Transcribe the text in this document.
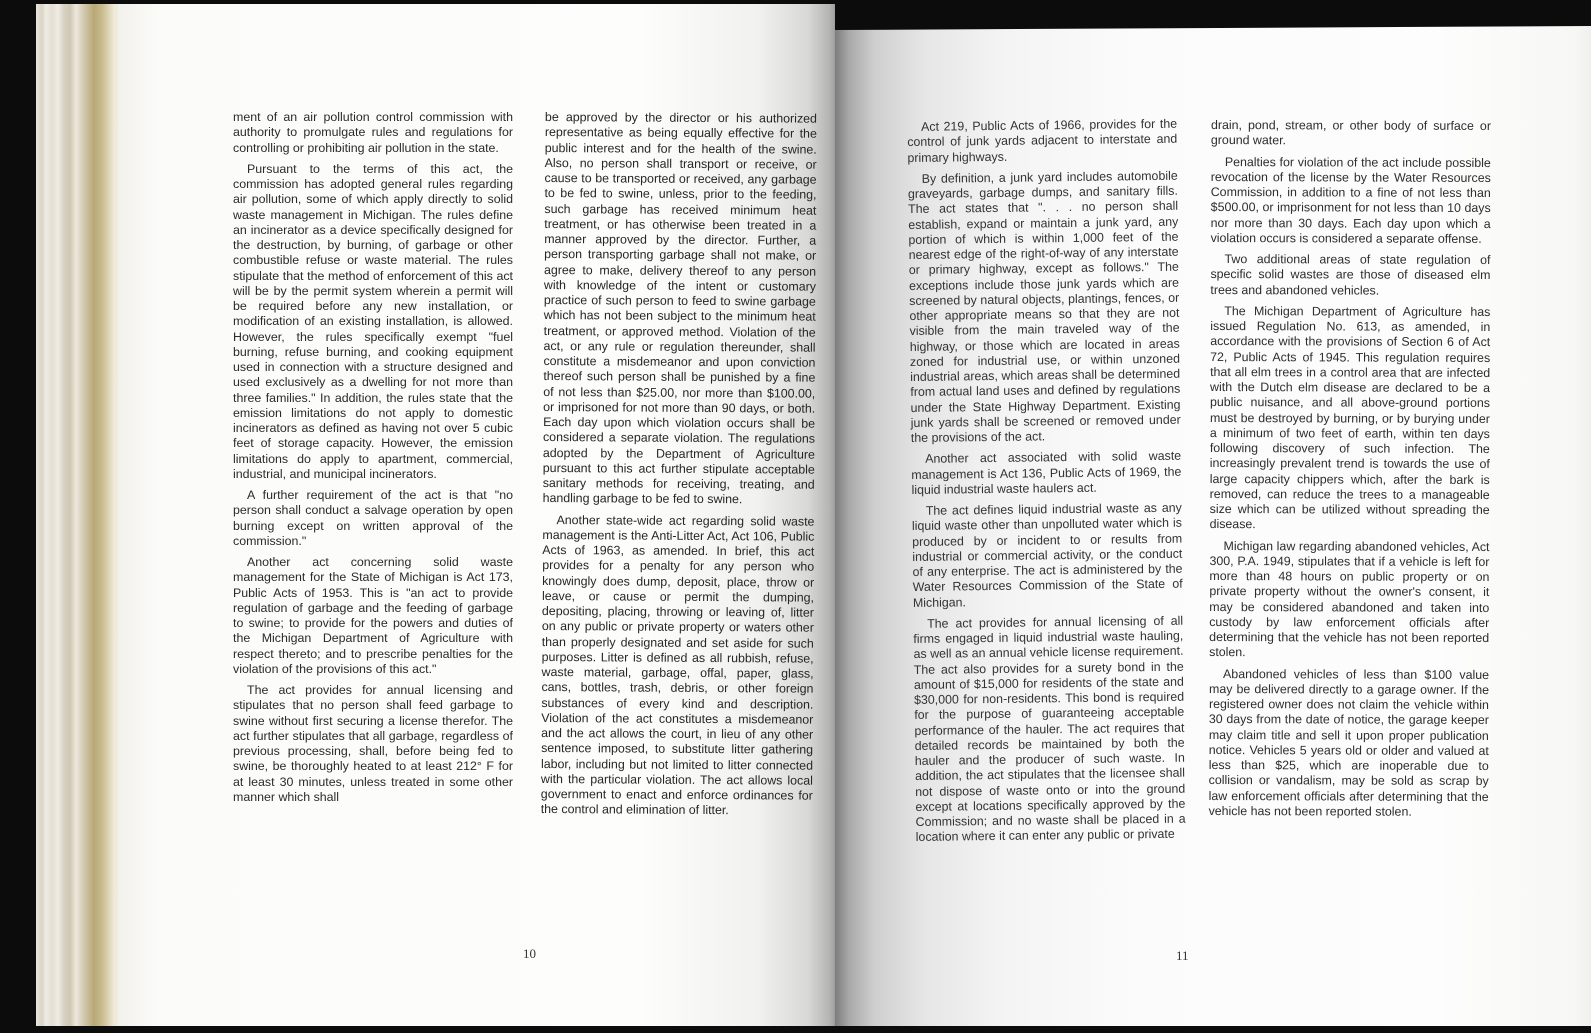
ment of an air pollution control commission with authority to promulgate rules and regulations for controlling or prohibiting air pollution in the state.

Pursuant to the terms of this act, the commission has adopted general rules regarding air pollution, some of which apply directly to solid waste management in Michigan. The rules define an incinerator as a device specifically designed for the destruction, by burning, of garbage or other combustible refuse or waste material. The rules stipulate that the method of enforcement of this act will be by the permit system wherein a permit will be required before any new installation, or modification of an existing installation, is allowed. However, the rules specifically exempt "fuel burning, refuse burning, and cooking equipment used in connection with a structure designed and used exclusively as a dwelling for not more than three families." In addition, the rules state that the emission limitations do not apply to domestic incinerators as defined as having not over 5 cubic feet of storage capacity. However, the emission limitations do apply to apartment, commercial, industrial, and municipal incinerators.

A further requirement of the act is that "no person shall conduct a salvage operation by open burning except on written approval of the commission."

Another act concerning solid waste management for the State of Michigan is Act 173, Public Acts of 1953. This is "an act to provide regulation of garbage and the feeding of garbage to swine; to provide for the powers and duties of the Michigan Department of Agriculture with respect thereto; and to prescribe penalties for the violation of the provisions of this act."

The act provides for annual licensing and stipulates that no person shall feed garbage to swine without first securing a license therefor. The act further stipulates that all garbage, regardless of previous processing, shall, before being fed to swine, be thoroughly heated to at least 212° F for at least 30 minutes, unless treated in some other manner which shall

be approved by the director or his authorized representative as being equally effective for the public interest and for the health of the swine. Also, no person shall transport or receive, or cause to be transported or received, any garbage to be fed to swine, unless, prior to the feeding, such garbage has received minimum heat treatment, or has otherwise been treated in a manner approved by the director. Further, a person transporting garbage shall not make, or agree to make, delivery thereof to any person with knowledge of the intent or customary practice of such person to feed to swine garbage which has not been subject to the minimum heat treatment, or approved method. Violation of the act, or any rule or regulation thereunder, shall constitute a misdemeanor and upon conviction thereof such person shall be punished by a fine of not less than $25.00, nor more than $100.00, or imprisoned for not more than 90 days, or both. Each day upon which violation occurs shall be considered a separate violation. The regulations adopted by the Department of Agriculture pursuant to this act further stipulate acceptable sanitary methods for receiving, treating, and handling garbage to be fed to swine.

Another state-wide act regarding solid waste management is the Anti-Litter Act, Act 106, Public Acts of 1963, as amended. In brief, this act provides for a penalty for any person who knowingly does dump, deposit, place, throw or leave, or cause or permit the dumping, depositing, placing, throwing or leaving of, litter on any public or private property or waters other than properly designated and set aside for such purposes. Litter is defined as all rubbish, refuse, waste material, garbage, offal, paper, glass, cans, bottles, trash, debris, or other foreign substances of every kind and description. Violation of the act constitutes a misdemeanor and the act allows the court, in lieu of any other sentence imposed, to substitute litter gathering labor, including but not limited to litter connected with the particular violation. The act allows local government to enact and enforce ordinances for the control and elimination of litter.

10

Act 219, Public Acts of 1966, provides for the control of junk yards adjacent to interstate and primary highways.

By definition, a junk yard includes automobile graveyards, garbage dumps, and sanitary fills. The act states that ". . . no person shall establish, expand or maintain a junk yard, any portion of which is within 1,000 feet of the nearest edge of the right-of-way of any interstate or primary highway, except as follows." The exceptions include those junk yards which are screened by natural objects, plantings, fences, or other appropriate means so that they are not visible from the main traveled way of the highway, or those which are located in areas zoned for industrial use, or within unzoned industrial areas, which areas shall be determined from actual land uses and defined by regulations under the State Highway Department. Existing junk yards shall be screened or removed under the provisions of the act.

Another act associated with solid waste management is Act 136, Public Acts of 1969, the liquid industrial waste haulers act.

The act defines liquid industrial waste as any liquid waste other than unpolluted water which is produced by or incident to or results from industrial or commercial activity, or the conduct of any enterprise. The act is administered by the Water Resources Commission of the State of Michigan.

The act provides for annual licensing of all firms engaged in liquid industrial waste hauling, as well as an annual vehicle license requirement. The act also provides for a surety bond in the amount of $15,000 for residents of the state and $30,000 for non-residents. This bond is required for the purpose of guaranteeing acceptable performance of the hauler. The act requires that detailed records be maintained by both the hauler and the producer of such waste. In addition, the act stipulates that the licensee shall not dispose of waste onto or into the ground except at locations specifically approved by the Commission; and no waste shall be placed in a location where it can enter any public or private

drain, pond, stream, or other body of surface or ground water.

Penalties for violation of the act include possible revocation of the license by the Water Resources Commission, in addition to a fine of not less than $500.00, or imprisonment for not less than 10 days nor more than 30 days. Each day upon which a violation occurs is considered a separate offense.

Two additional areas of state regulation of specific solid wastes are those of diseased elm trees and abandoned vehicles.

The Michigan Department of Agriculture has issued Regulation No. 613, as amended, in accordance with the provisions of Section 6 of Act 72, Public Acts of 1945. This regulation requires that all elm trees in a control area that are infected with the Dutch elm disease are declared to be a public nuisance, and all above-ground portions must be destroyed by burning, or by burying under a minimum of two feet of earth, within ten days following discovery of such infection. The increasingly prevalent trend is towards the use of large capacity chippers which, after the bark is removed, can reduce the trees to a manageable size which can be utilized without spreading the disease.

Michigan law regarding abandoned vehicles, Act 300, P.A. 1949, stipulates that if a vehicle is left for more than 48 hours on public property or on private property without the owner's consent, it may be considered abandoned and taken into custody by law enforcement officials after determining that the vehicle has not been reported stolen.

Abandoned vehicles of less than $100 value may be delivered directly to a garage owner. If the registered owner does not claim the vehicle within 30 days from the date of notice, the garage keeper may claim title and sell it upon proper publication notice. Vehicles 5 years old or older and valued at less than $25, which are inoperable due to collision or vandalism, may be sold as scrap by law enforcement officials after determining that the vehicle has not been reported stolen.

11
